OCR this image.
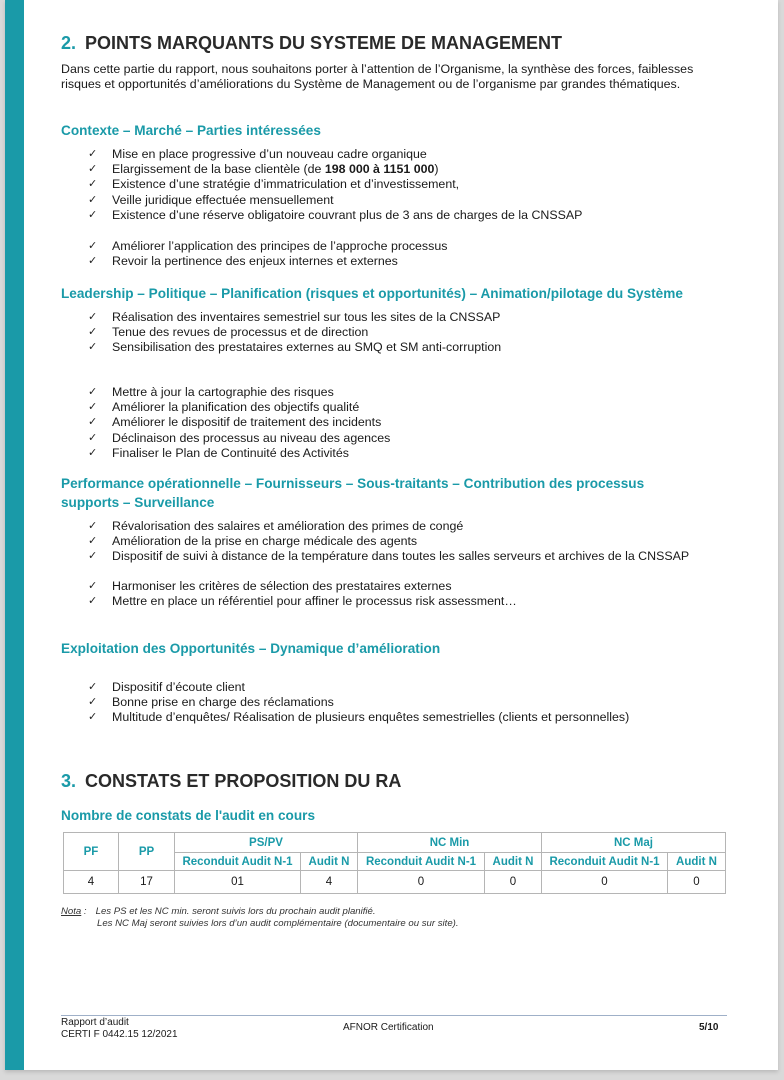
2. POINTS MARQUANTS DU SYSTEME DE MANAGEMENT
Dans cette partie du rapport, nous souhaitons porter à l’attention de l’Organisme, la synthèse des forces, faiblesses
risques et opportunités d’améliorations du Système de Management ou de l’organisme par grandes thématiques.
Contexte – Marché – Parties intéressées
✓ Mise en place progressive d’un nouveau cadre organique
✓ Elargissement de la base clientèle (de 198 000 à 1151 000)
✓ Existence d’une stratégie d’immatriculation et d’investissement,
✓ Veille juridique effectuée mensuellement
✓ Existence d’une réserve obligatoire couvrant plus de 3 ans de charges de la CNSSAP
✓ Améliorer l’application des principes de l’approche processus
✓ Revoir la pertinence des enjeux internes et externes
Leadership – Politique – Planification (risques et opportunités) – Animation/pilotage du Système
✓ Réalisation des inventaires semestriel sur tous les sites de la CNSSAP
✓ Tenue des revues de processus et de direction
✓ Sensibilisation des prestataires externes au SMQ et SM anti-corruption
✓ Mettre à jour la cartographie des risques
✓ Améliorer la planification des objectifs qualité
✓ Améliorer le dispositif de traitement des incidents
✓ Déclinaison des processus au niveau des agences
✓ Finaliser le Plan de Continuité des Activités
Performance opérationnelle – Fournisseurs – Sous-traitants – Contribution des processus
supports – Surveillance
✓ Révalorisation des salaires et amélioration des primes de congé
✓ Amélioration de la prise en charge médicale des agents
✓ Dispositif de suivi à distance de la température dans toutes les salles serveurs et archives de la CNSSAP
✓ Harmoniser les critères de sélection des prestataires externes
✓ Mettre en place un référentiel pour affiner le processus risk assessment…
Exploitation des Opportunités – Dynamique d’amélioration
✓ Dispositif d’écoute client
✓ Bonne prise en charge des réclamations
✓ Multitude d’enquêtes/ Réalisation de plusieurs enquêtes semestrielles (clients et personnelles)
3. CONSTATS ET PROPOSITION DU RA
Nombre de constats de l'audit en cours
PF	PP	PS/PV		NC Min		NC Maj	
		Reconduit Audit N-1	Audit N	Reconduit Audit N-1	Audit N	Reconduit Audit N-1	Audit N
4	17	01	4	0	0	0	0
Nota : Les PS et les NC min. seront suivis lors du prochain audit planifié.
Les NC Maj seront suivies lors d’un audit complémentaire (documentaire ou sur site).
Rapport d’audit
CERTI F 0442.15 12/2021
AFNOR Certification	5/10
